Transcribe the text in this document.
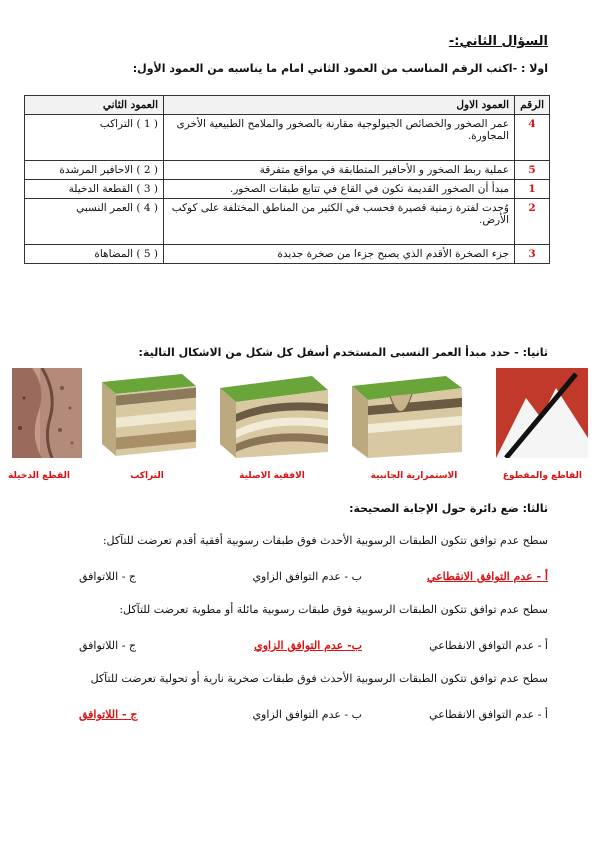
السؤال الثاني:-
اولا : -اكتب الرقم المناسب من العمود الثاني امام ما يناسبه من العمود الأول:
الرقم	العمود الاول	العمود الثاني
4	عمر الصخور والخصائص الجيولوجية مقارنة بالصخور والملامح الطبيعية الأخرى المجاورة.	( 1 ) التراكب
5	عملية ربط الصخور و الأحافير المتطابقة في مواقع متفرقة	( 2 ) الاحافير المرشدة
1	مبدأ أن الصخور القديمة تكون في القاع في تتابع طبقات الصخور.	( 3 ) القطعة الدخيلة
2	وُجدت لفترة زمنية قصيرة فحسب في الكثير من المناطق المختلفة على كوكب الأرض.	( 4 ) العمر النسبي
3	جزء الصخرة الأقدم الذي يصبح جزءا من صخرة جديدة	( 5 ) المضاهاة
ثانيا: - حدد مبدأ العمر النسبى المستخدم أسفل كل شكل من الاشكال التالية:
القطع الدخيلة	التراكب	الافقية الاصلية	الاستمرارية الجانبية	القاطع والمقطوع
ثالثا: ضع دائرة حول الإجابة الصحيحة:
سطح عدم توافق تتكون الطبقات الرسوبية الأحدث فوق طبقات رسوبية أفقية أقدم تعرضت للتآكل:
أ - عدم التوافق الانقطاعي
ب - عدم التوافق الزاوي
ج - اللاتوافق
سطح عدم توافق تتكون الطبقات الرسوبية فوق طبقات رسوبية مائلة أو مطوية تعرضت للتآكل:
أ - عدم التوافق الانقطاعي
ب- عدم التوافق الزاوي
ج - اللاتوافق
سطح عدم توافق تتكون الطبقات الرسوبية الأحدث فوق طبقات صخرية نارية أو تحولية تعرضت للتآكل
أ - عدم التوافق الانقطاعي
ب - عدم التوافق الزاوي
ج - اللاتوافق
